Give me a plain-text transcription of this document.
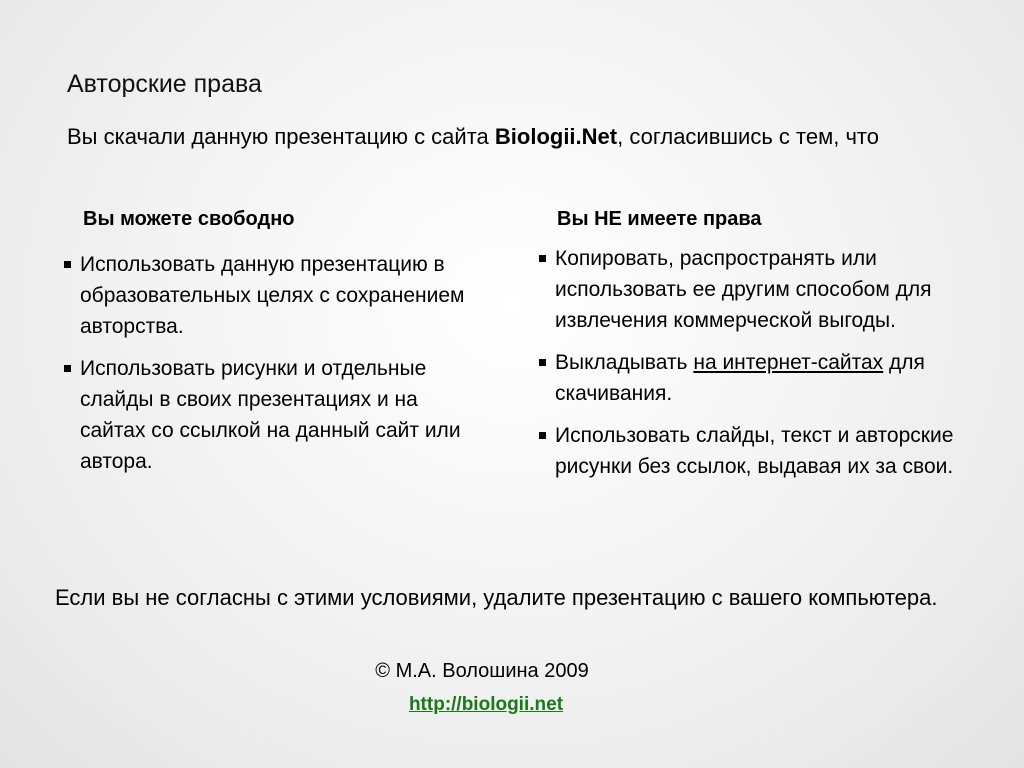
Авторские права
Вы скачали данную презентацию с сайта Biologii.Net, согласившись с тем, что
Вы можете свободно
Использовать данную презентацию в образовательных целях с сохранением авторства.
Использовать рисунки и отдельные слайды в своих презентациях и на сайтах со ссылкой на данный сайт или автора.
Вы НЕ имеете права
Копировать, распространять или использовать ее другим способом для извлечения коммерческой выгоды.
Выкладывать на интернет-сайтах для скачивания.
Использовать слайды, текст и авторские рисунки без ссылок, выдавая их за свои.
Если вы не согласны с этими условиями, удалите презентацию с вашего компьютера.
© М.А. Волошина 2009
http://biologii.net
